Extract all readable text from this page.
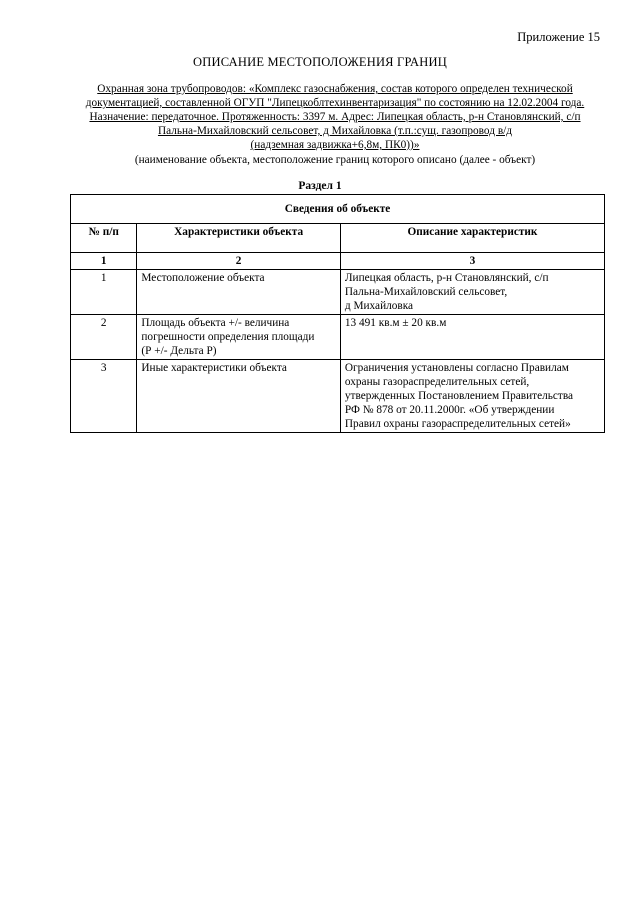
Приложение 15
ОПИСАНИЕ МЕСТОПОЛОЖЕНИЯ ГРАНИЦ
Охранная зона трубопроводов: «Комплекс газоснабжения, состав которого определен технической
документацией, составленной ОГУП "Липецкоблтехинвентаризация" по состоянию на 12.02.2004 года.
Назначение: передаточное. Протяженность: 3397 м. Адрес: Липецкая область, р-н Становлянский, с/п
Пальна-Михайловский сельсовет, д Михайловка (т.п.:сущ. газопровод в/д
(надземная задвижка+6,8м, ПК0))»
(наименование объекта, местоположение границ которого описано (далее - объект)
Раздел 1
Сведения об объекте		
№ п/п	Характеристики объекта	Описание характеристик
1	2	3
1	Местоположение объекта	Липецкая область, р-н Становлянский, с/п
Пальна-Михайловский сельсовет,
д Михайловка
2	Площадь объекта +/- величина
погрешности определения площади
(Р +/- Дельта Р)	13 491 кв.м ± 20 кв.м
3	Иные характеристики объекта	Ограничения установлены согласно Правилам
охраны газораспределительных сетей,
утвержденных Постановлением Правительства
РФ № 878 от 20.11.2000г. «Об утверждении
Правил охраны газораспределительных сетей»
